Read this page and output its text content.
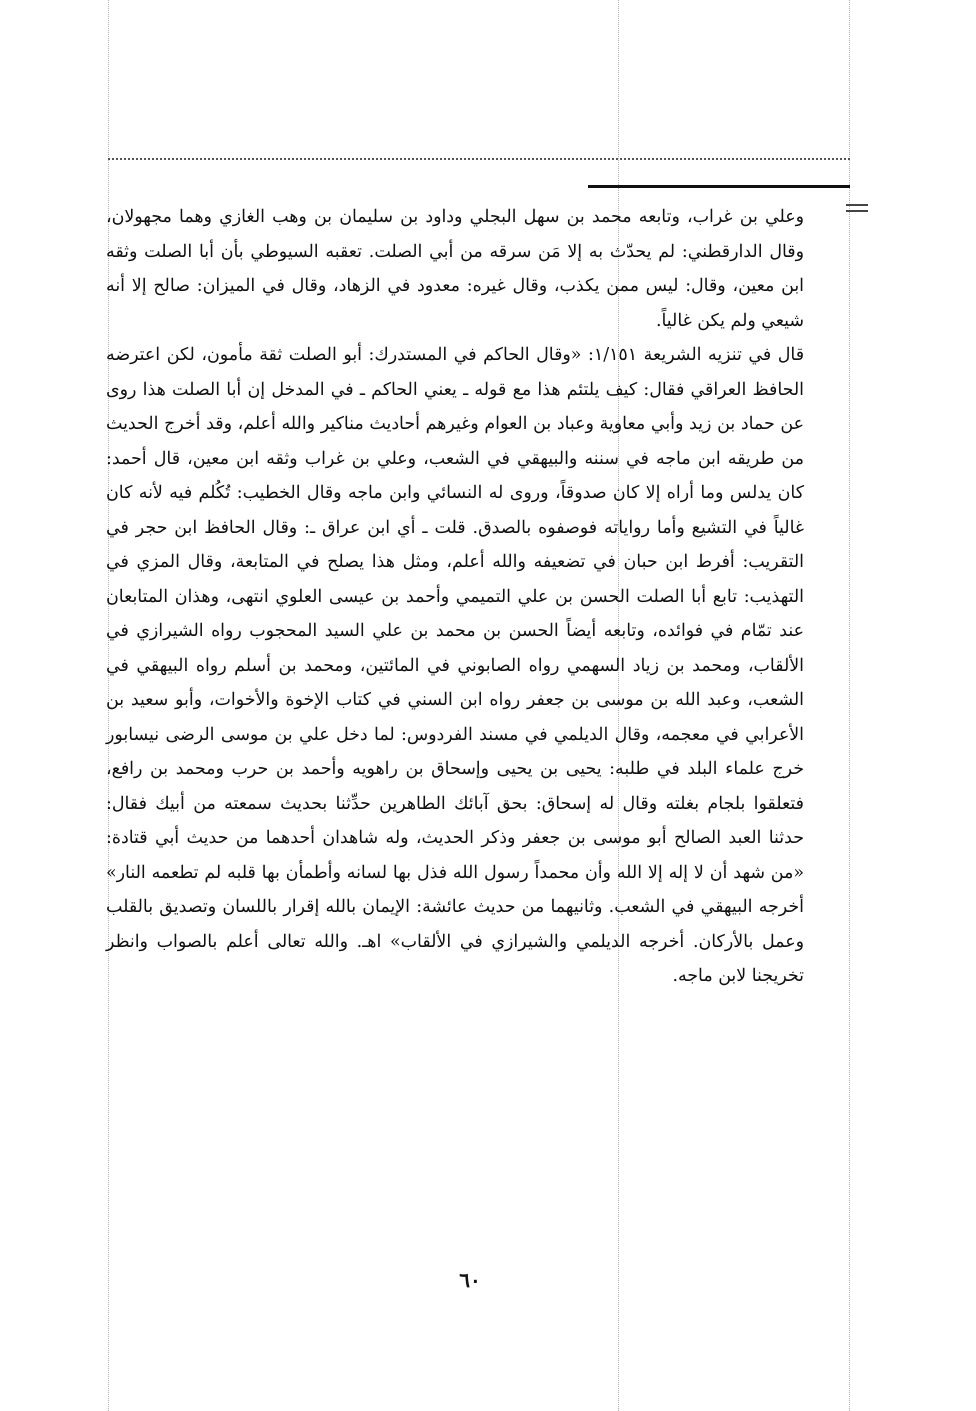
وعلي بن غراب، وتابعه محمد بن سهل البجلي وداود بن سليمان بن وهب الغازي وهما مجهولان، وقال الدارقطني: لم يحدّث به إلا مَن سرقه من أبي الصلت. تعقبه السيوطي بأن أبا الصلت وثقه ابن معين، وقال: ليس ممن يكذب، وقال غيره: معدود في الزهاد، وقال في الميزان: صالح إلا أنه شيعي ولم يكن غالياً.

قال في تنزيه الشريعة ١/١٥١: «وقال الحاكم في المستدرك: أبو الصلت ثقة مأمون، لكن اعترضه الحافظ العراقي فقال: كيف يلتئم هذا مع قوله ـ يعني الحاكم ـ في المدخل إن أبا الصلت هذا روى عن حماد بن زيد وأبي معاوية وعباد بن العوام وغيرهم أحاديث مناكير والله أعلم، وقد أخرج الحديث من طريقه ابن ماجه في سننه والبيهقي في الشعب، وعلي بن غراب وثقه ابن معين، قال أحمد: كان يدلس وما أراه إلا كان صدوقاً، وروى له النسائي وابن ماجه وقال الخطيب: تُكُلم فيه لأنه كان غالياً في التشيع وأما رواياته فوصفوه بالصدق. قلت ـ أي ابن عراق ـ: وقال الحافظ ابن حجر في التقريب: أفرط ابن حبان في تضعيفه والله أعلم، ومثل هذا يصلح في المتابعة، وقال المزي في التهذيب: تابع أبا الصلت الحسن بن علي التميمي وأحمد بن عيسى العلوي انتهى، وهذان المتابعان عند تمّام في فوائده، وتابعه أيضاً الحسن بن محمد بن علي السيد المحجوب رواه الشيرازي في الألقاب، ومحمد بن زياد السهمي رواه الصابوني في المائتين، ومحمد بن أسلم رواه البيهقي في الشعب، وعبد الله بن موسى بن جعفر رواه ابن السني في كتاب الإخوة والأخوات، وأبو سعيد بن الأعرابي في معجمه، وقال الديلمي في مسند الفردوس: لما دخل علي بن موسى الرضى نيسابور خرج علماء البلد في طلبه: يحيى بن يحيى وإسحاق بن راهويه وأحمد بن حرب ومحمد بن رافع، فتعلقوا بلجام بغلته وقال له إسحاق: بحق آبائك الطاهرين حدِّثنا بحديث سمعته من أبيك فقال: حدثنا العبد الصالح أبو موسى بن جعفر وذكر الحديث، وله شاهدان أحدهما من حديث أبي قتادة: «من شهد أن لا إله إلا الله وأن محمداً رسول الله فذل بها لسانه وأطمأن بها قلبه لم تطعمه النار» أخرجه البيهقي في الشعب. وثانيهما من حديث عائشة: الإيمان بالله إقرار باللسان وتصديق بالقلب وعمل بالأركان. أخرجه الديلمي والشيرازي في الألقاب» اهـ. والله تعالى أعلم بالصواب وانظر تخريجنا لابن ماجه.

٦٠
